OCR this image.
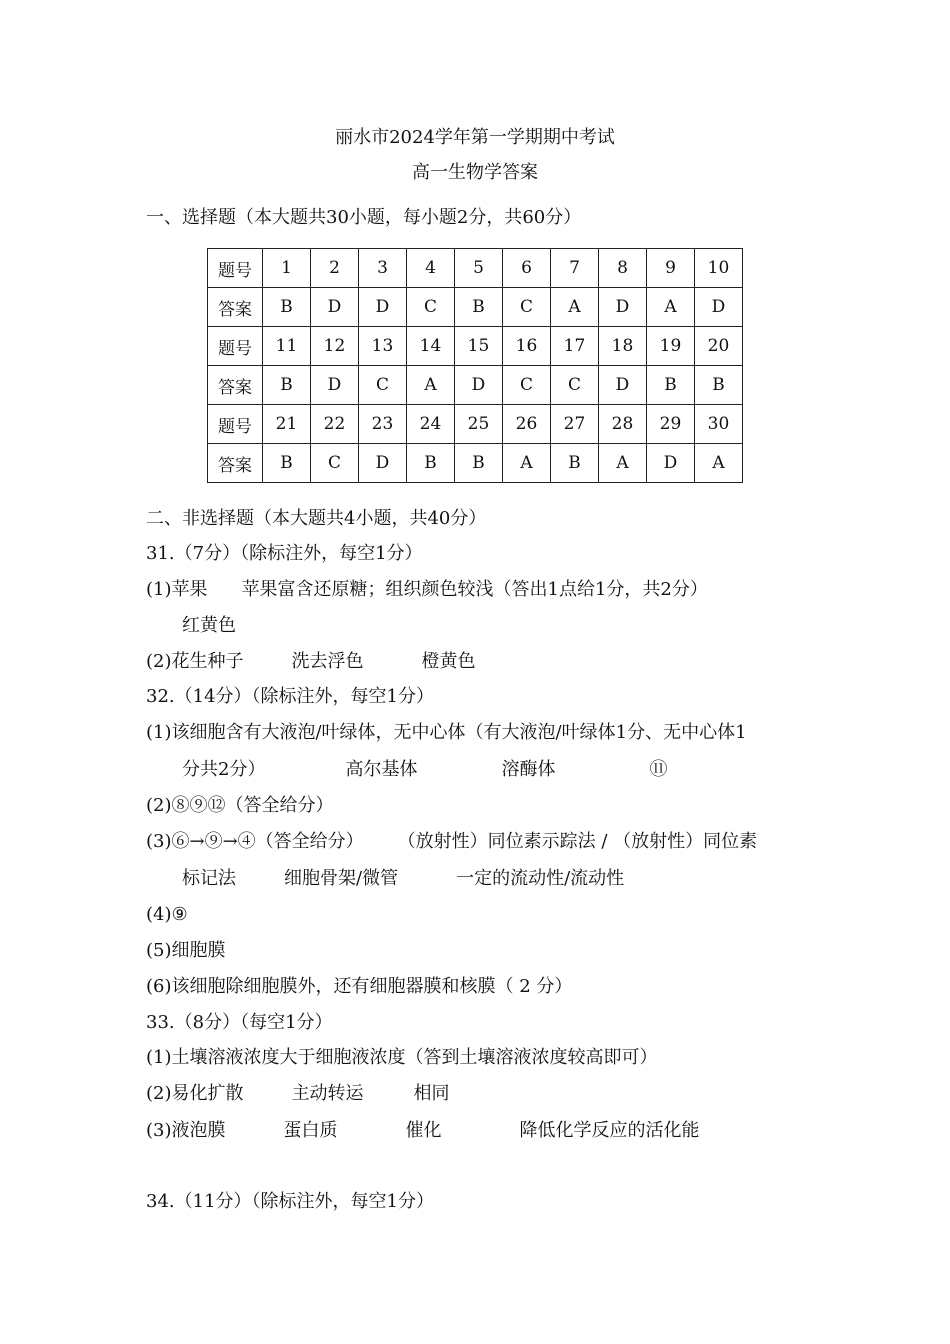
丽水市2024学年第一学期期中考试
高一生物学答案
一、选择题（本大题共30小题，每小题2分，共60分）
题号	1	2	3	4	5	6	7	8	9	10
答案	B	D	D	C	B	C	A	D	A	D
题号	11	12	13	14	15	16	17	18	19	20
答案	B	D	C	A	D	C	C	D	B	B
题号	21	22	23	24	25	26	27	28	29	30
答案	B	C	D	B	B	A	B	A	D	A
二、非选择题（本大题共4小题，共40分）
31.（7分）（除标注外，每空1分）
(1)苹果 苹果富含还原糖；组织颜色较浅（答出1点给1分，共2分）
红黄色
(2)花生种子	洗去浮色	橙黄色
32.（14分）（除标注外，每空1分）
(1)该细胞含有大液泡/叶绿体，无中心体（有大液泡/叶绿体1分、无中心体1
分共2分）	高尔基体	溶酶体	⑪
(2)⑧⑨⑫（答全给分）
(3)⑥→⑨→④（答全给分） （放射性）同位素示踪法 / （放射性）同位素
标记法	细胞骨架/微管	一定的流动性/流动性
(4)⑨
(5)细胞膜
(6)该细胞除细胞膜外，还有细胞器膜和核膜（ 2 分）
33.（8分）（每空1分）
(1)土壤溶液浓度大于细胞液浓度（答到土壤溶液浓度较高即可）
(2)易化扩散	主动转运	相同
(3)液泡膜	蛋白质	催化	降低化学反应的活化能
34.（11分）（除标注外，每空1分）
